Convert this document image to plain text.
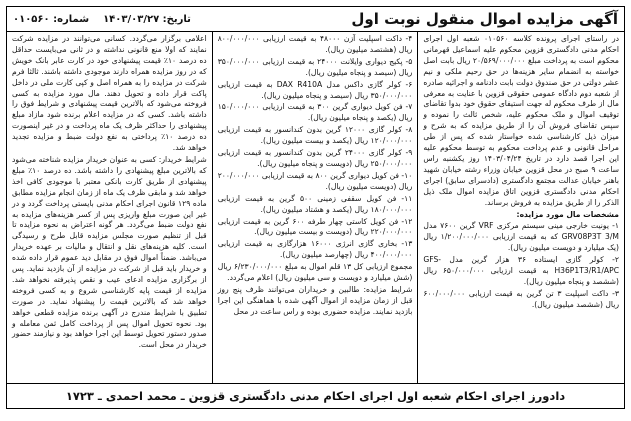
آگهی مزایده اموال منقول نوبت اول
تاریخ: ۱۴۰۳/۰۳/۲۷
شماره: ۰۱۰۵۶۰

در راستای اجرای پرونده کلاسه ۰۱۰۵۶۰ شعبه اول اجرای احکام مدنی دادگستری قزوین محکوم علیه اسماعیل قهرمانی محکوم است به پرداخت مبلغ ۲۰/۵۶۹/۰۰۰/۰۰۰ ریال بابت اصل خواسته به انضمام سایر هزینه‌ها در حق رحیم ملکی و نیم عشر دولتی در حق صندوق دولت بابت دادنامه و اجرائیه صادره از شعبه دوم دادگاه عمومی حقوقی قزوین با عنایت به معرفی مال از طرف محکوم له جهت استیفای حقوق خود بدوا تقاضای توقیف اموال و ملک محکوم علیه، شخص ثالث را نموده و سپس تقاضای فروش آن را از طریق مزایده که به شرح و میزان ذیل کارشناسی شده خواستار شده که پس از طی مراحل قانونی و عدم پرداخت محکوم به توسط محکوم علیه این اجرا قصد دارد در تاریخ ۱۴۰۳/۰۴/۲۴ روز یکشنبه راس ساعت ۹ صبح در محل قزوین خیابان وزراء رشته خیابان شهید باهنر خیابان عدالت مجتمع دادگستری (دادسرای سابق) اجرای احکام مدنی دادگستری قزوین اتاق مزایده اموال ملک ذیل الذکر را از طریق مزایده به فروش برساند.

مشخصات مال مورد مزایده:

۱- یونیت خارجی مینی سیستم مرکزی VRF گرین ۷۶۰۰ مدل GRV08P3T 3/M که به قیمت ارزیابی ۱/۲۰۰/۰۰۰/۰۰۰ ریال (یک میلیارد و دویست میلیون ریال).

۲- کولر گازی ایستاده ۳۶ هزار گرین مدل GFS-H36P1T3/R1/APC به قیمت ارزیابی ۶۵۰/۰۰۰/۰۰۰ ریال (ششصد و پنجاه میلیون ریال).

۳- داکت اسپلیت ۳ تن گرین به قیمت ارزیابی ۶۰۰/۰۰۰/۰۰۰ ریال (ششصد میلیون ریال).

۴- داکت اسپلیت آزن ۴۸۰۰۰ به قیمت ارزیابی ۸۰۰/۰۰۰/۰۰۰ ریال (هشتصد میلیون ریال).

۵- پکیج دیواری وایلانت ۲۴۰۰۰ به قیمت ارزیابی ۳۵۰/۰۰۰/۰۰۰ ریال (سیصد و پنجاه میلیون ریال).

۶- کولر گازی داکس مدل DAX R410A به قیمت ارزیابی ۳۵۰/۰۰۰/۰۰۰ ریال (سیصد و پنجاه میلیون ریال).

۷- فن کویل دیواری گرین ۳۰۰ به قیمت ارزیابی ۱۵۰/۰۰۰/۰۰۰ ریال (یکصد و پنجاه میلیون ریال).

۸- کولر گازی ۱۲۰۰۰ گرین بدون کندانسور به قیمت ارزیابی ۱۲۰/۰۰۰/۰۰۰ ریال (یکصد و بیست میلیون ریال).

۹- کولر گازی ۲۴۰۰۰ گرین بدون کندانسور به قیمت ارزیابی ۲۵۰/۰۰۰/۰۰۰ ریال (دویست و پنجاه میلیون ریال).

۱۰- فن کویل دیواری گرین ۸۰۰ به قیمت ارزیابی ۲۰۰/۰۰۰/۰۰۰ ریال (دویست میلیون ریال).

۱۱- فن کویل سقفی زمینی ۵۰۰ گرین به قیمت ارزیابی ۱۸۰/۰۰۰/۰۰۰ ریال (یکصد و هشتاد میلیون ریال).

۱۲- فن کویل کاستی چهار طرفه ۶۰۰ گرین به قیمت ارزیابی ۲۲۰/۰۰۰/۰۰۰ ریال (دویست و بیست میلیون ریال).

۱۳- بخاری گازی انرژی ۱۶۰۰۰ هزارگازی به قیمت ارزیابی ۴۰۰/۰۰۰/۰۰۰ ریال (چهارصد میلیون ریال).

مجموع ارزیابی کل ۱۳ قلم اموال به مبلغ ۶/۲۳۰/۰۰۰/۰۰۰ ریال (شش میلیارد و دویست و سی میلیون ریال) اعلام می‌گردد.

شرایط مزایده: طالبین و خریداران می‌توانند ظرف پنج روز قبل از زمان مزایده از اموال آگهی شده با هماهنگی این اجرا بازدید نمایند. مزایده حضوری بوده و راس ساعت در محل

اعلامی برگزار می‌گردد. کسانی می‌توانند در مزایده شرکت نمایند که اولا منع قانونی نداشته و در ثانی می‌بایست حداقل ده درصد ۱۰٪ قیمت پیشنهادی خود در کارت عابر بانک خویش که در روز مزایده همراه دارند موجودی داشته باشند. ثالثا فرم شرکت در مزایده را به همراه اصل و کپی کارت ملی در داخل پاکت قرار داده و تحویل دهند. مال مورد مزایده به کسی فروخته می‌شود که بالاترین قیمت پیشنهادی و شرایط فوق را داشته باشد. کسی که در مزایده اعلام برنده شود مازاد مبلغ پیشنهادی را حداکثر ظرف یک ماه پرداخت و در غیر اینصورت ده درصد ۱۰٪ پرداختی به نفع دولت ضبط و مزایده تجدید خواهد شد.

شرایط خریدار: کسی به عنوان خریدار مزایده شناخته می‌شود که بالاترین مبلغ پیشنهادی را داشته باشد. ده درصد ۱۰٪ مبلغ پیشنهادی از طریق کارت بانکی معتبر با موجودی کافی اخذ خواهد شد و مابقی ظرف یک ماه از زمان انجام مزایده مطابق ماده ۱۲۹ قانون اجرای احکام مدنی بایستی پرداخت گردد و در غیر این صورت مبلغ واریزی پس از کسر هزینه‌های مزایده به نفع دولت ضبط می‌گردد. هر گونه اعتراض به نحوه مزایده تا قبل از تنظیم صورت مجلس مزایده قابل طرح و رسیدگی است. کلیه هزینه‌های نقل و انتقال و مالیات بر عهده خریدار می‌باشد. ضمناً اموال فوق در مقابل دید عموم قرار داده شده و خریدار باید قبل از شرکت در مزایده از آن بازدید نماید. پس از برگزاری مزایده ادعای عیب و نقص پذیرفته نخواهد شد. مزایده از قیمت پایه کارشناسی شروع و به کسی فروخته خواهد شد که بالاترین قیمت را پیشنهاد نماید. در صورت تطبیق با شرایط مندرج در آگهی برنده مزایده قطعی خواهد بود. نحوه تحویل اموال پس از پرداخت کامل ثمن معامله و صدور دستور تحویل توسط این اجرا خواهد بود و نیازمند حضور خریدار در محل است.

دادورز اجرای احکام شعبه اول اجرای احکام مدنی دادگستری قزوین ـ محمد احمدی ـ ۱۷۲۳
